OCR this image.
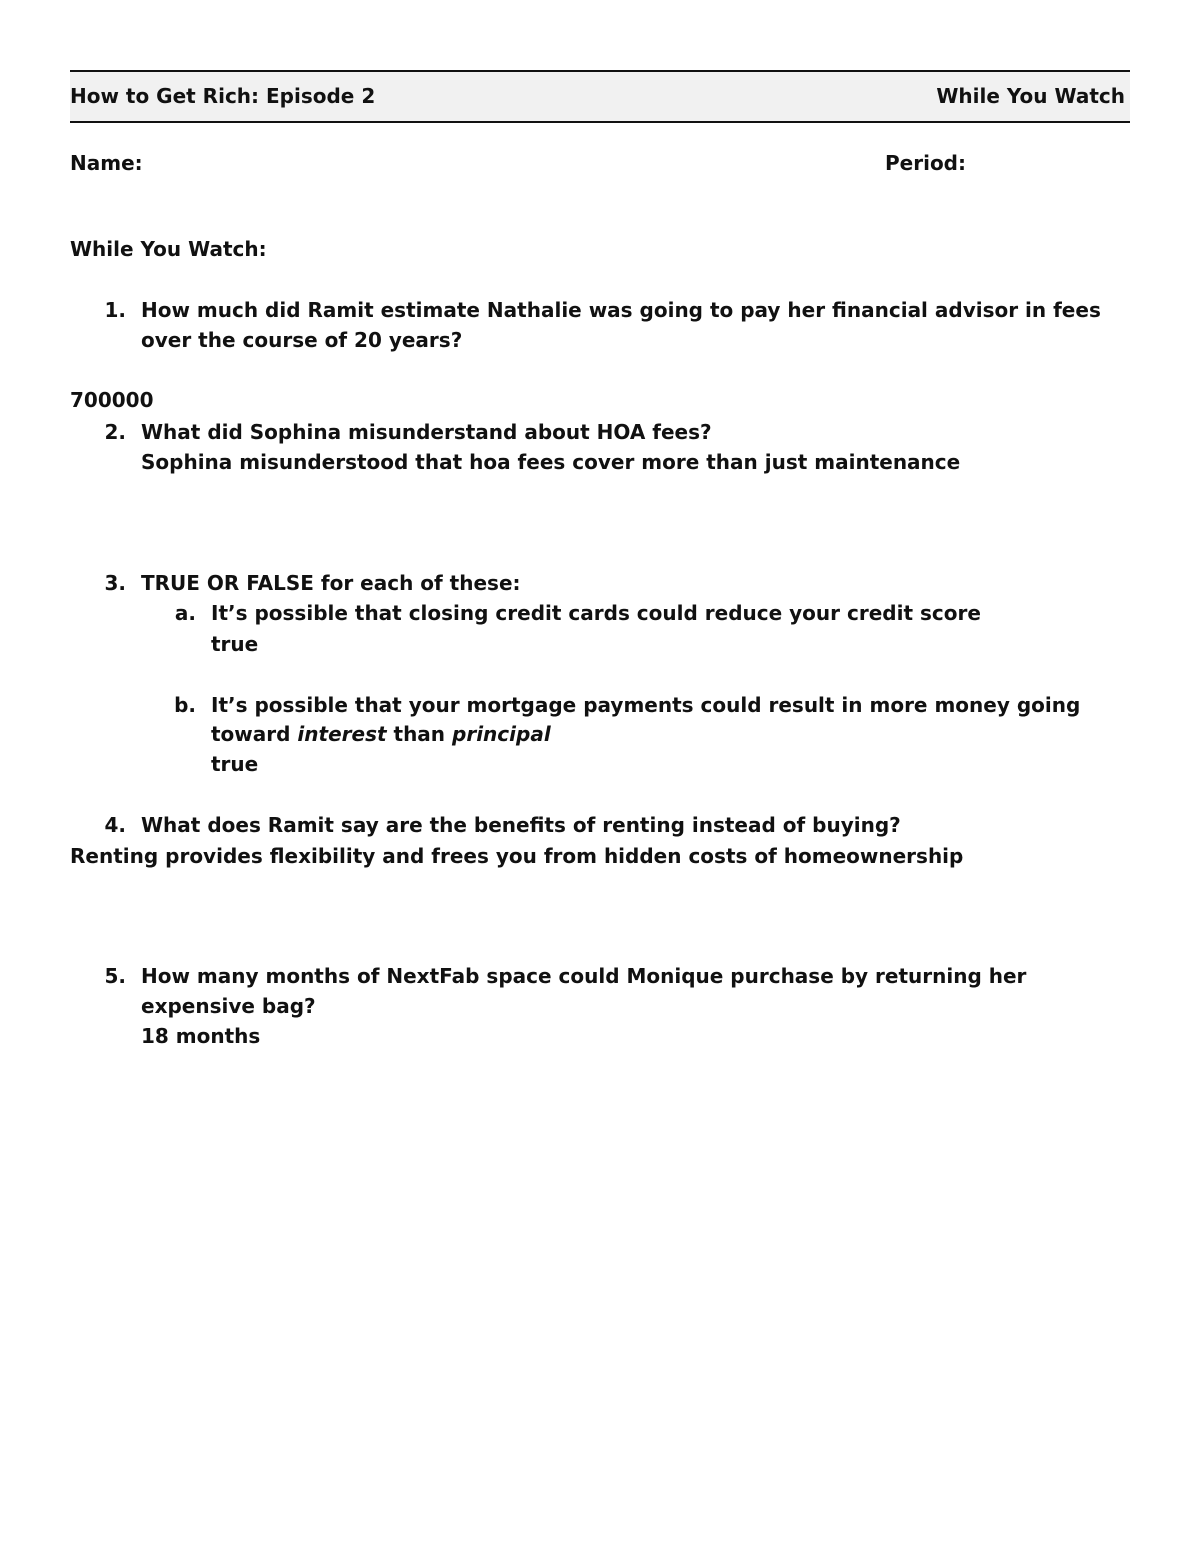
How to Get Rich: Episode 2	While You Watch
Name:	Period:
While You Watch:
1. How much did Ramit estimate Nathalie was going to pay her financial advisor in fees
over the course of 20 years?
700000
2. What did Sophina misunderstand about HOA fees?
Sophina misunderstood that hoa fees cover more than just maintenance
3. TRUE OR FALSE for each of these:
a. It’s possible that closing credit cards could reduce your credit score
true
b. It’s possible that your mortgage payments could result in more money going
toward interest than principal
true
4. What does Ramit say are the benefits of renting instead of buying?
Renting provides flexibility and frees you from hidden costs of homeownership
5. How many months of NextFab space could Monique purchase by returning her
expensive bag?
18 months
